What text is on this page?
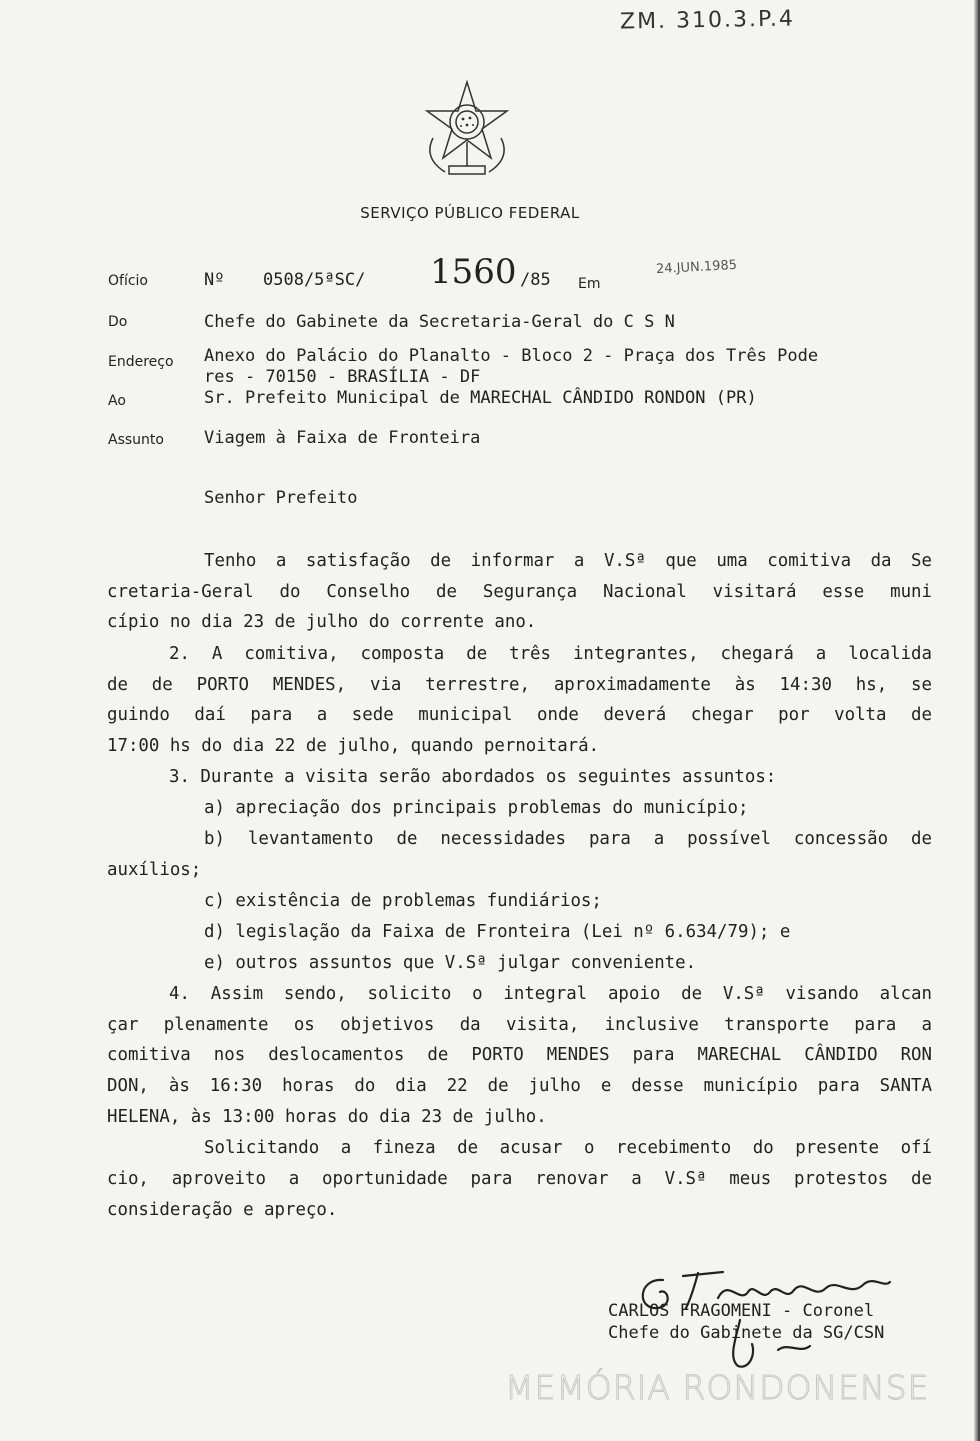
ZM. 310.3.P.4
SERVIÇO PÚBLICO FEDERAL
Ofício	Nº 0508/5ªSC/ 1560 /85 Em
24.JUN.1985
Do	Chefe do Gabinete da Secretaria-Geral do C S N
Endereço Anexo do Palácio do Planalto - Bloco 2 - Praça dos Três Pode
res - 70150 - BRASÍLIA - DF
Ao	Sr. Prefeito Municipal de MARECHAL CÂNDIDO RONDON (PR)
Assunto Viagem à Faixa de Fronteira
Senhor Prefeito
Tenho a satisfação de informar a V.Sª que uma comitiva da Se
cretaria-Geral do Conselho de Segurança Nacional visitará esse muni
cípio no dia 23 de julho do corrente ano.
2. A comitiva, composta de três integrantes, chegará a localida
de de PORTO MENDES, via terrestre, aproximadamente às 14:30 hs, se
guindo daí para a sede municipal onde deverá chegar por volta de
17:00 hs do dia 22 de julho, quando pernoitará.
3. Durante a visita serão abordados os seguintes assuntos:
a) apreciação dos principais problemas do município;
b) levantamento de necessidades para a possível concessão de
auxílios;
c) existência de problemas fundiários;
d) legislação da Faixa de Fronteira (Lei nº 6.634/79); e
e) outros assuntos que V.Sª julgar conveniente.
4. Assim sendo, solicito o integral apoio de V.Sª visando alcan
çar plenamente os objetivos da visita, inclusive transporte para a
comitiva nos deslocamentos de PORTO MENDES para MARECHAL CÂNDIDO RON
DON, às 16:30 horas do dia 22 de julho e desse município para SANTA
HELENA, às 13:00 horas do dia 23 de julho.
Solicitando a fineza de acusar o recebimento do presente ofí
cio, aproveito a oportunidade para renovar a V.Sª meus protestos de
consideração e apreço.
CARLOS FRAGOMENI - Coronel
Chefe do Gabinete da SG/CSN
MEMÓRIA RONDONENSE
